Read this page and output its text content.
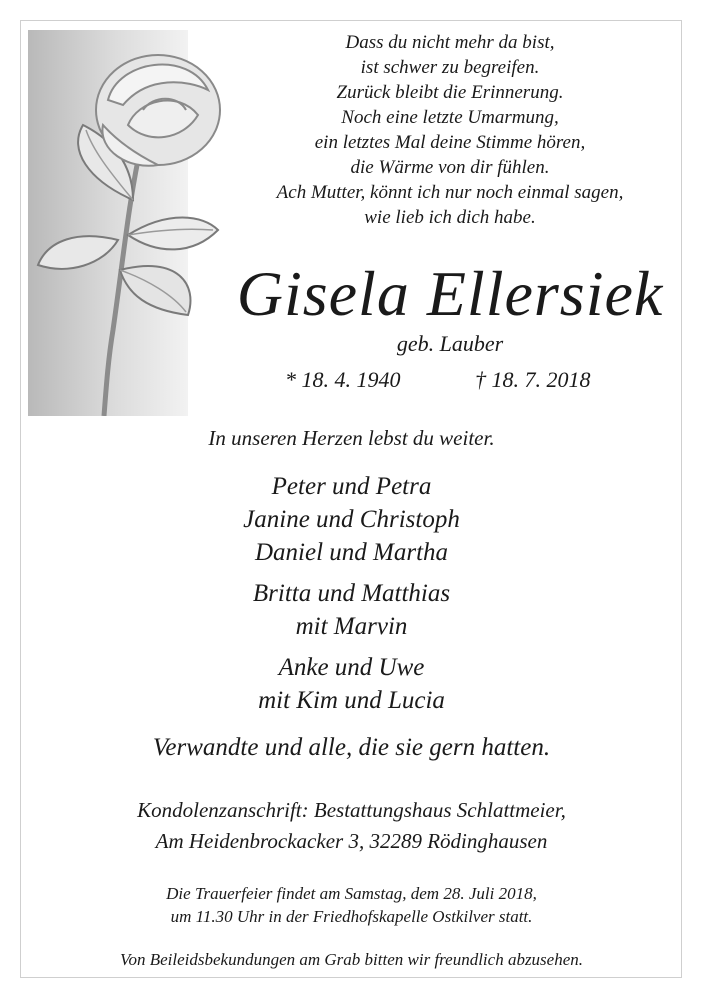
Dass du nicht mehr da bist,
ist schwer zu begreifen.
Zurück bleibt die Erinnerung.
Noch eine letzte Umarmung,
ein letztes Mal deine Stimme hören,
die Wärme von dir fühlen.
Ach Mutter, könnt ich nur noch einmal sagen,
wie lieb ich dich habe.
Gisela Ellersiek
geb. Lauber
* 18. 4. 1940	† 18. 7. 2018
In unseren Herzen lebst du weiter.
Peter und Petra
Janine und Christoph
Daniel und Martha
Britta und Matthias
mit Marvin
Anke und Uwe
mit Kim und Lucia
Verwandte und alle, die sie gern hatten.
Kondolenzanschrift: Bestattungshaus Schlattmeier,
Am Heidenbrockacker 3, 32289 Rödinghausen
Die Trauerfeier findet am Samstag, dem 28. Juli 2018,
um 11.30 Uhr in der Friedhofskapelle Ostkilver statt.
Von Beileidsbekundungen am Grab bitten wir freundlich abzusehen.
